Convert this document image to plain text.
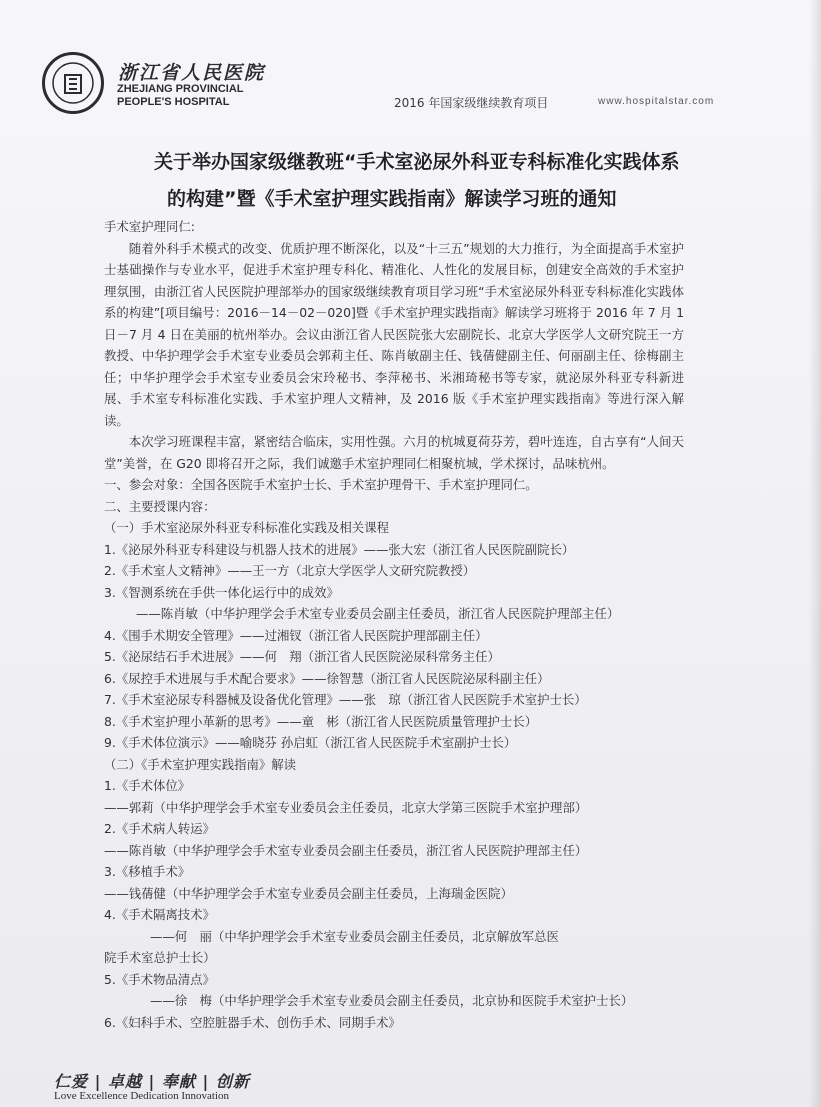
浙江省人民医院
ZHEJIANG PROVINCIAL
PEOPLE'S HOSPITAL	2016 年国家级继续教育项目	www.hospitalstar.com
关于举办国家级继教班“手术室泌尿外科亚专科标准化实践体系
的构建”暨《手术室护理实践指南》解读学习班的通知

手术室护理同仁:

随着外科手术模式的改变、优质护理不断深化，以及“十三五”规划的大力推行，为全面提高手术室护士基础操作与专业水平，促进手术室护理专科化、精准化、人性化的发展目标，创建安全高效的手术室护理氛围，由浙江省人民医院护理部举办的国家级继续教育项目学习班“手术室泌尿外科亚专科标准化实践体系的构建”[项目编号：2016－14－02－020]暨《手术室护理实践指南》解读学习班将于 2016 年 7 月 1 日－7 月 4 日在美丽的杭州举办。会议由浙江省人民医院张大宏副院长、北京大学医学人文研究院王一方教授、中华护理学会手术室专业委员会郭莉主任、陈肖敏副主任、钱蒨健副主任、何丽副主任、徐梅副主任；中华护理学会手术室专业委员会宋玲秘书、李萍秘书、米湘琦秘书等专家，就泌尿外科亚专科新进展、手术室专科标准化实践、手术室护理人文精神，及 2016 版《手术室护理实践指南》等进行深入解读。

本次学习班课程丰富，紧密结合临床，实用性强。六月的杭城夏荷芬芳，碧叶连连，自古享有“人间天堂”美誉，在 G20 即将召开之际，我们诚邀手术室护理同仁相聚杭城，学术探讨，品味杭州。

一、参会对象：全国各医院手术室护士长、手术室护理骨干、手术室护理同仁。

二、主要授课内容：

（一）手术室泌尿外科亚专科标准化实践及相关课程

1.《泌尿外科亚专科建设与机器人技术的进展》——张大宏（浙江省人民医院副院长）

2.《手术室人文精神》——王一方（北京大学医学人文研究院教授）

3.《智测系统在手供一体化运行中的成效》

——陈肖敏（中华护理学会手术室专业委员会副主任委员，浙江省人民医院护理部主任）

4.《围手术期安全管理》——过湘钗（浙江省人民医院护理部副主任）

5.《泌尿结石手术进展》——何　翔（浙江省人民医院泌尿科常务主任）

6.《尿控手术进展与手术配合要求》——徐智慧（浙江省人民医院泌尿科副主任）

7.《手术室泌尿专科器械及设备优化管理》——张　琼（浙江省人民医院手术室护士长）

8.《手术室护理小革新的思考》——童　彬（浙江省人民医院质量管理护士长）

9.《手术体位演示》——喻晓芬 孙启虹（浙江省人民医院手术室副护士长）

（二）《手术室护理实践指南》解读

1.《手术体位》

——郭莉（中华护理学会手术室专业委员会主任委员，北京大学第三医院手术室护理部）

2.《手术病人转运》

——陈肖敏（中华护理学会手术室专业委员会副主任委员，浙江省人民医院护理部主任）

3.《移植手术》

——钱蒨健（中华护理学会手术室专业委员会副主任委员，上海瑞金医院）

4.《手术隔离技术》

——何　丽（中华护理学会手术室专业委员会副主任委员，北京解放军总医

院手术室总护士长）

5.《手术物品清点》

——徐　梅（中华护理学会手术室专业委员会副主任委员，北京协和医院手术室护士长）

6.《妇科手术、空腔脏器手术、创伤手术、同期手术》

仁爱 | 卓越 | 奉献 | 创新
Love Excellence Dedication Innovation
